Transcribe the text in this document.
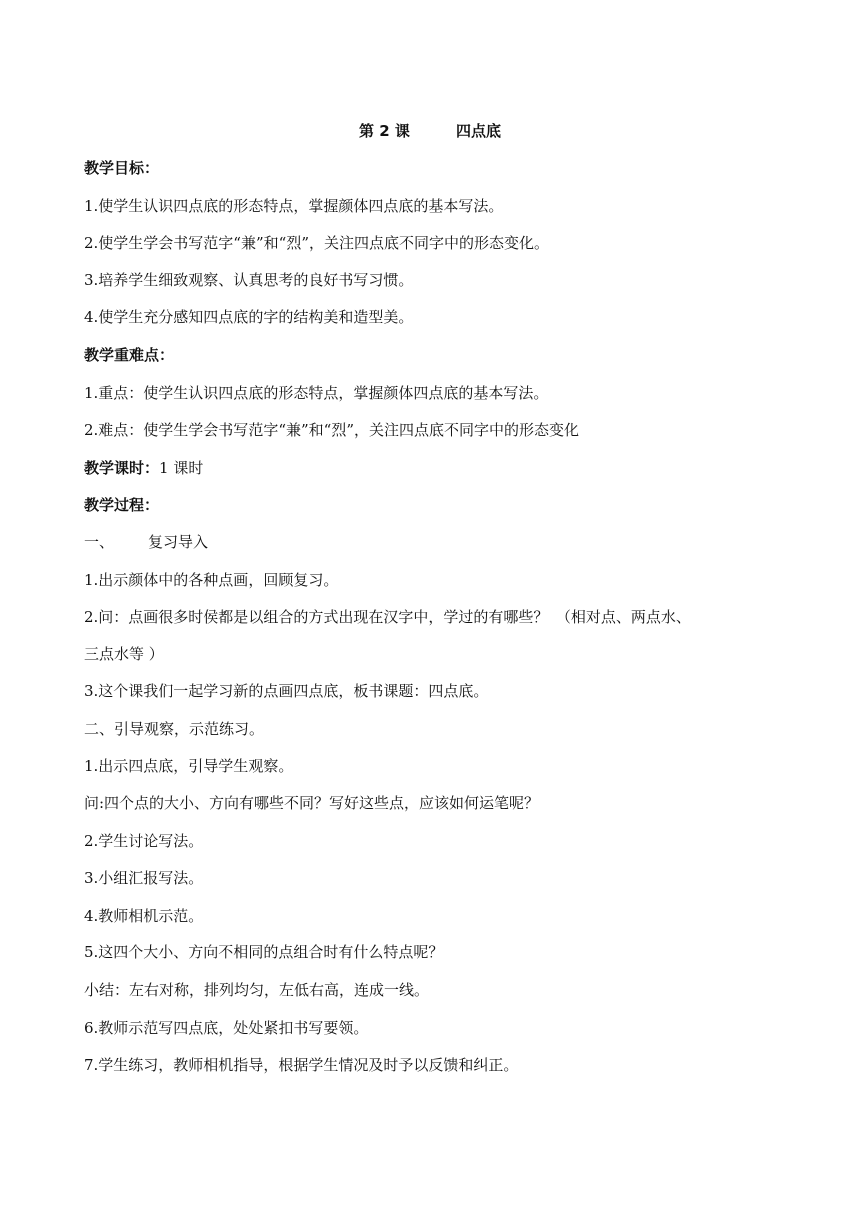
第 2 课	四点底
教学目标：
1.使学生认识四点底的形态特点，掌握颜体四点底的基本写法。
2.使学生学会书写范字“兼”和“烈”，关注四点底不同字中的形态变化。
3.培养学生细致观察、认真思考的良好书写习惯。
4.使学生充分感知四点底的字的结构美和造型美。
教学重难点：
1.重点：使学生认识四点底的形态特点，掌握颜体四点底的基本写法。
2.难点：使学生学会书写范字“兼”和“烈”，关注四点底不同字中的形态变化
教学课时：1 课时
教学过程：
一、 复习导入
1.出示颜体中的各种点画，回顾复习。
2.问：点画很多时侯都是以组合的方式出现在汉字中，学过的有哪些？　（相对点、两点水、
三点水等 ）
3.这个课我们一起学习新的点画四点底，板书课题：四点底。
二、引导观察，示范练习。
1.出示四点底，引导学生观察。
问:四个点的大小、方向有哪些不同？写好这些点，应该如何运笔呢？
2.学生讨论写法。
3.小组汇报写法。
4.教师相机示范。
5.这四个大小、方向不相同的点组合时有什么特点呢？
小结：左右对称，排列均匀，左低右高，连成一线。
6.教师示范写四点底，处处紧扣书写要领。
7.学生练习，教师相机指导，根据学生情况及时予以反馈和纠正。
